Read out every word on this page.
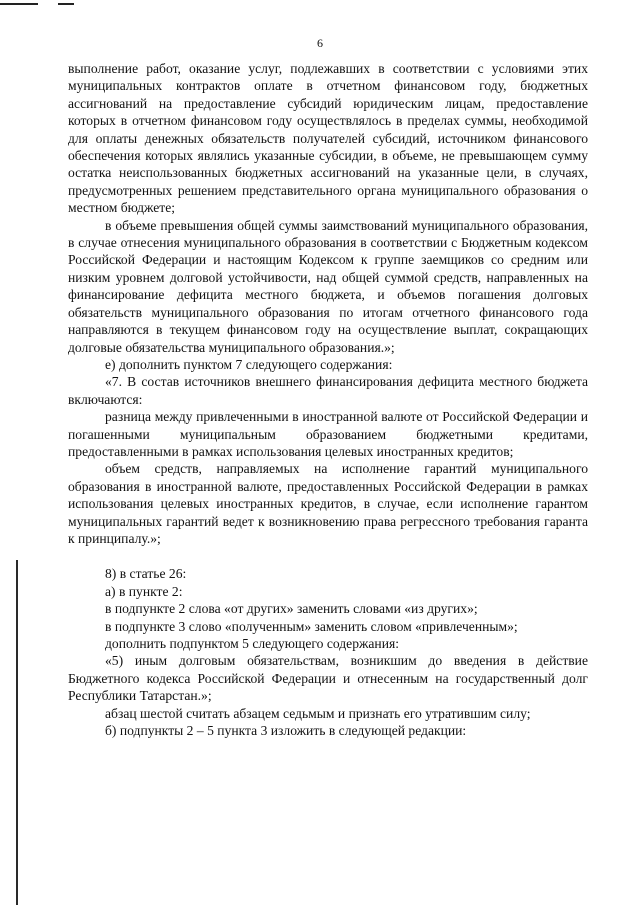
6

выполнение работ, оказание услуг, подлежавших в соответствии с условиями этих муниципальных контрактов оплате в отчетном финансовом году, бюджетных ассигнований на предоставление субсидий юридическим лицам, предоставление которых в отчетном финансовом году осуществлялось в пределах суммы, необходимой для оплаты денежных обязательств получателей субсидий, источником финансового обеспечения которых являлись указанные субсидии, в объеме, не превышающем сумму остатка неиспользованных бюджетных ассигнований на указанные цели, в случаях, предусмотренных решением представительного органа муниципального образования о местном бюджете;

в объеме превышения общей суммы заимствований муниципального образования, в случае отнесения муниципального образования в соответствии с Бюджетным кодексом Российской Федерации и настоящим Кодексом к группе заемщиков со средним или низким уровнем долговой устойчивости, над общей суммой средств, направленных на финансирование дефицита местного бюджета, и объемов погашения долговых обязательств муниципального образования по итогам отчетного финансового года направляются в текущем финансовом году на осуществление выплат, сокращающих долговые обязательства муниципального образования.»;

е) дополнить пунктом 7 следующего содержания:

«7. В состав источников внешнего финансирования дефицита местного бюджета включаются:

разница между привлеченными в иностранной валюте от Российской Федерации и погашенными муниципальным образованием бюджетными кредитами, предоставленными в рамках использования целевых иностранных кредитов;

объем средств, направляемых на исполнение гарантий муниципального образования в иностранной валюте, предоставленных Российской Федерации в рамках использования целевых иностранных кредитов, в случае, если исполнение гарантом муниципальных гарантий ведет к возникновению права регрессного требования гаранта к принципалу.»;

8) в статье 26:

а) в пункте 2:

в подпункте 2 слова «от других» заменить словами «из других»;

в подпункте 3 слово «полученным» заменить словом «привлеченным»;

дополнить подпунктом 5 следующего содержания:

«5) иным долговым обязательствам, возникшим до введения в действие Бюджетного кодекса Российской Федерации и отнесенным на государственный долг Республики Татарстан.»;

абзац шестой считать абзацем седьмым и признать его утратившим силу;

б) подпункты 2 – 5 пункта 3 изложить в следующей редакции:
